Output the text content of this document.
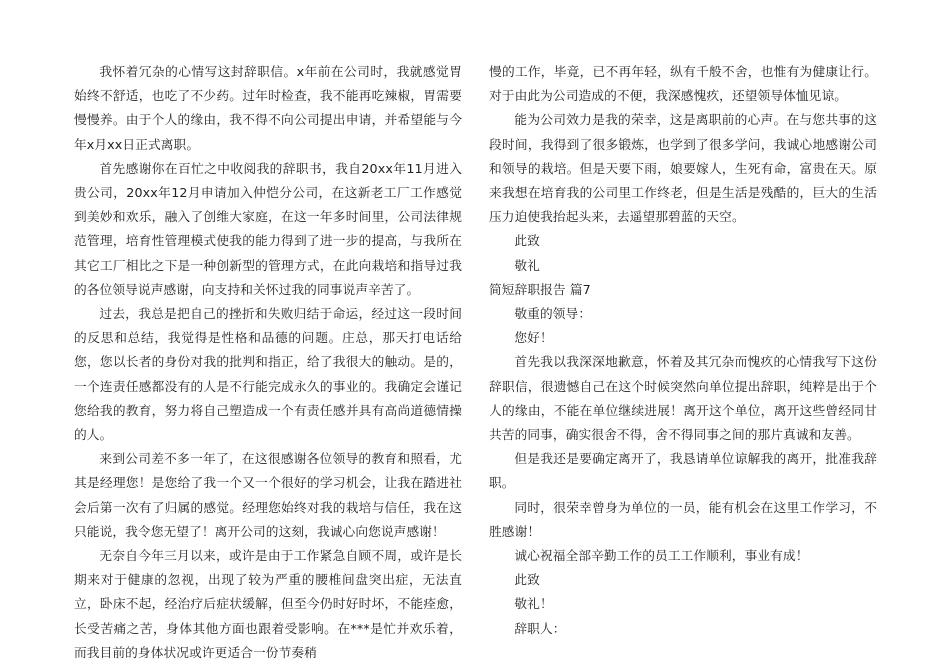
我怀着冗杂的心情写这封辞职信。x年前在公司时，我就感觉胃始终不舒适，也吃了不少药。过年时检查，我不能再吃辣椒，胃需要慢慢养。由于个人的缘由，我不得不向公司提出申请，并希望能与今年x月xx日正式离职。

首先感谢你在百忙之中收阅我的辞职书，我自20xx年11月进入贵公司，20xx年12月申请加入仲恺分公司，在这新老工厂工作感觉到美妙和欢乐，融入了创维大家庭，在这一年多时间里，公司法律规范管理，培育性管理模式使我的能力得到了进一步的提高，与我所在其它工厂相比之下是一种创新型的管理方式，在此向栽培和指导过我的各位领导说声感谢，向支持和关怀过我的同事说声辛苦了。

过去，我总是把自己的挫折和失败归结于命运，经过这一段时间的反思和总结，我觉得是性格和品德的问题。庄总，那天打电话给您，您以长者的身份对我的批判和指正，给了我很大的触动。是的，一个连责任感都没有的人是不行能完成永久的事业的。我确定会谨记您给我的教育，努力将自己塑造成一个有责任感并具有高尚道德情操的人。

来到公司差不多一年了，在这很感谢各位领导的教育和照看，尤其是经理您！是您给了我一个又一个很好的学习机会，让我在踏进社会后第一次有了归属的感觉。经理您始终对我的栽培与信任，我在这只能说，我令您无望了！离开公司的这刻，我诚心向您说声感谢！

无奈自今年三月以来，或许是由于工作紧急自顾不周，或许是长期来对于健康的忽视，出现了较为严重的腰椎间盘突出症，无法直立，卧床不起，经治疗后症状缓解，但至今仍时好时坏，不能痊愈，长受苦痛之苦，身体其他方面也跟着受影响。在***是忙并欢乐着，而我目前的身体状况或许更适合一份节奏稍

慢的工作，毕竟，已不再年轻，纵有千般不舍，也惟有为健康让行。对于由此为公司造成的不便，我深感愧疚，还望领导体恤见谅。

能为公司效力是我的荣幸，这是离职前的心声。在与您共事的这段时间，我得到了很多锻炼，也学到了很多学问，我诚心地感谢公司和领导的栽培。但是天要下雨，娘要嫁人，生死有命，富贵在天。原来我想在培育我的公司里工作终老，但是生活是残酷的，巨大的生活压力迫使我抬起头来，去遥望那碧蓝的天空。

此致

敬礼

简短辞职报告 篇7

敬重的领导：

您好！

首先我以我深深地歉意，怀着及其冗杂而愧疚的心情我写下这份辞职信，很遗憾自己在这个时候突然向单位提出辞职，纯粹是出于个人的缘由，不能在单位继续进展！离开这个单位，离开这些曾经同甘共苦的同事，确实很舍不得，舍不得同事之间的那片真诚和友善。

但是我还是要确定离开了，我恳请单位谅解我的离开，批准我辞职。

同时，很荣幸曾身为单位的一员，能有机会在这里工作学习，不胜感谢！

诚心祝福全部辛勤工作的员工工作顺利，事业有成！

此致

敬礼！

辞职人：
